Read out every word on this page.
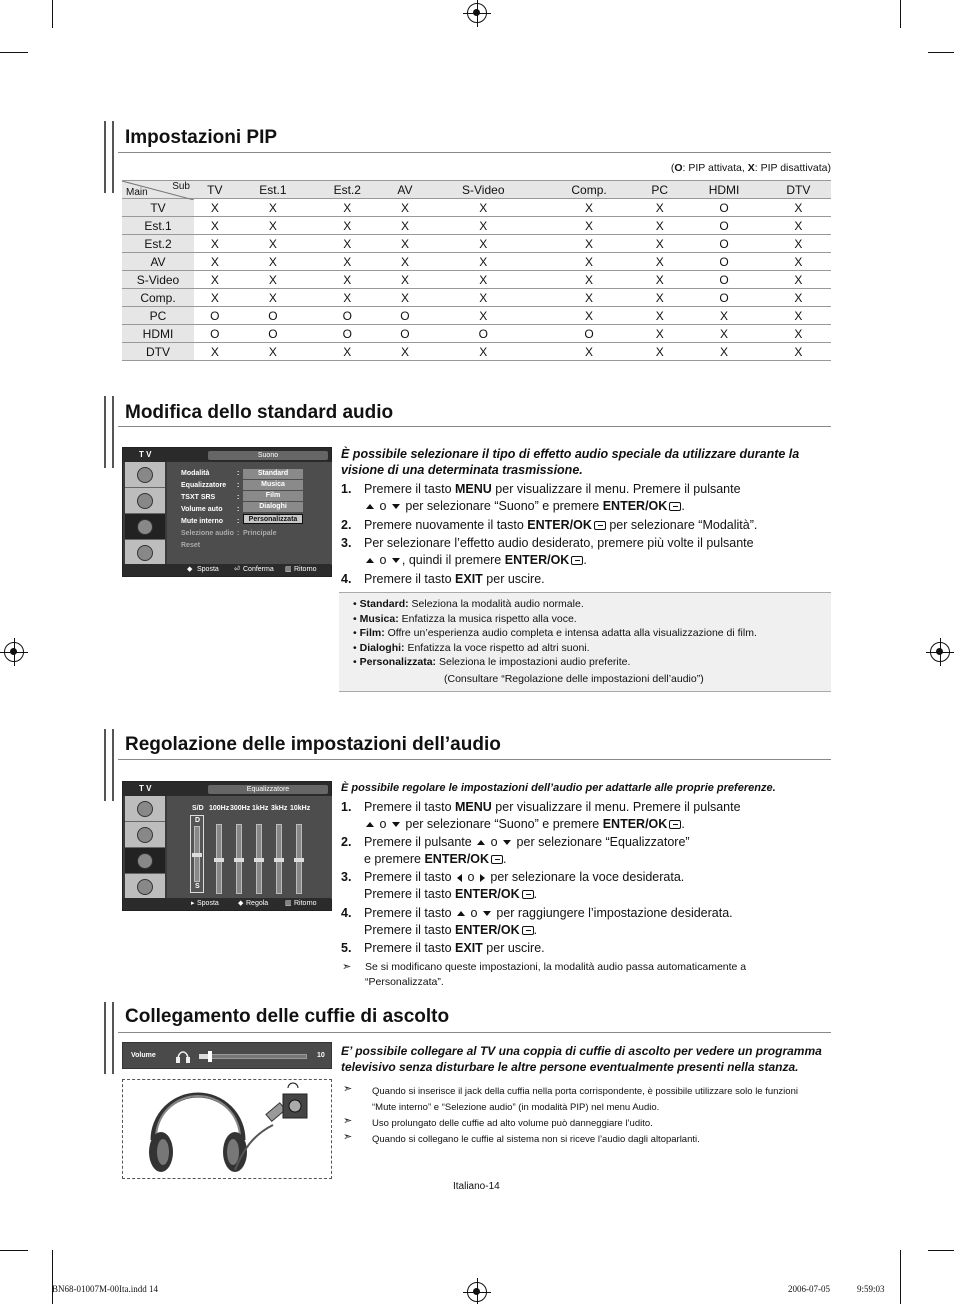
Impostazioni PIP
(O: PIP attivata, X: PIP disattivata)
Sub
Main	TV	Est.1	Est.2	AV	S-Video	Comp.	PC	HDMI	DTV
TV	X	X	X	X	X	X	X	O	X
Est.1	X	X	X	X	X	X	X	O	X
Est.2	X	X	X	X	X	X	X	O	X
AV	X	X	X	X	X	X	X	O	X
S-Video	X	X	X	X	X	X	X	O	X
Comp.	X	X	X	X	X	X	X	O	X
PC	O	O	O	O	X	X	X	X	X
HDMI	O	O	O	O	O	O	X	X	X
DTV	X	X	X	X	X	X	X	X	X
Modifica dello standard audio
T V	Suono
Modalità
Equalizzatore
TSXT SRS
Volume auto
Mute interno
Selezione audio
Reset
:
:
:
:
:
:
Standard
Musica
Film
Dialoghi
Personalizzata
Principale
◆ Sposta ⏎ Conferma ▥ Ritorno
È possibile selezionare il tipo di effetto audio speciale da utilizzare durante la visione di una determinata trasmissione.
1. Premere il tasto MENU per visualizzare il menu. Premere il pulsante
o  per selezionare “Suono” e premere ENTER/OK .
2. Premere nuovamente il tasto ENTER/OK per selezionare “Modalità”.
3. Per selezionare l’effetto audio desiderato, premere più volte il pulsante
o , quindi il premere ENTER/OK .
4. Premere il tasto EXIT per uscire.
• Standard: Seleziona la modalità audio normale.
• Musica: Enfatizza la musica rispetto alla voce.
• Film: Offre un’esperienza audio completa e intensa adatta alla visualizzazione di film.
• Dialoghi: Enfatizza la voce rispetto ad altri suoni.
• Personalizzata: Seleziona le impostazioni audio preferite.
(Consultare “Regolazione delle impostazioni dell’audio”)
Regolazione delle impostazioni dell’audio
T V	Equalizzatore
S/D 100Hz 300Hz 1kHz 3kHz 10kHz
D
S
▸ Sposta	◆ Regola ▥ Ritorno
È possibile regolare le impostazioni dell’audio per adattarle alle proprie preferenze.
1. Premere il tasto MENU per visualizzare il menu. Premere il pulsante
o  per selezionare “Suono” e premere ENTER/OK .
2. Premere il pulsante  o  per selezionare “Equalizzatore”
e premere ENTER/OK .
3. Premere il tasto  o  per selezionare la voce desiderata.
Premere il tasto ENTER/OK .
4. Premere il tasto  o  per raggiungere l’impostazione desiderata.
Premere il tasto ENTER/OK .
5. Premere il tasto EXIT per uscire.
➣ Se si modificano queste impostazioni, la modalità audio passa automaticamente a “Personalizzata”.
Collegamento delle cuffie di ascolto
Volume	10 E’ possibile collegare al TV una coppia di cuffie di ascolto per vedere un programma televisivo senza disturbare le altre persone eventualmente presenti nella stanza.
➣ Quando si inserisce il jack della cuffia nella porta corrispondente, è possibile utilizzare solo le funzioni “Mute interno” e “Selezione audio” (in modalità PIP) nel menu Audio.
➣ Uso prolungato delle cuffie ad alto volume può danneggiare l’udito.
➣ Quando si collegano le cuffie al sistema non si riceve l’audio dagli altoparlanti.
Italiano-14
BN68-01007M-00Ita.indd 14	2006-07-05	9:59:03
